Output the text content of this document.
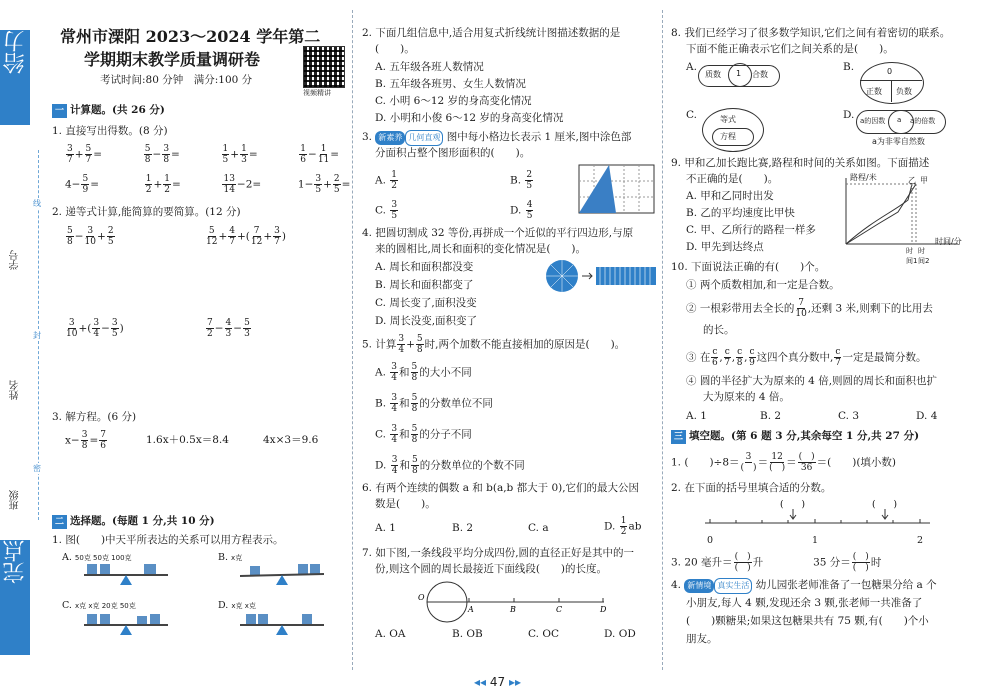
给力
完点
线
封
密
学号
姓名
班级
常州市溧阳 2023～2024 学年第二
学期期末教学质量调研卷
考试时间:80 分钟　满分:100 分
视频精讲
一 计算题。(共 26 分)
1. 直接写出得数。(8 分)
$\frac{3}{7} + \frac{5}{7}$ =	$\frac{5}{8} - \frac{3}{8}$ =	$\frac{1}{5} + \frac{1}{3}$ =	$\frac{1}{6} - \frac{1}{11}$ =
$4- \frac{5}{9}$ =	$\frac{1}{2} + \frac{1}{2}$ =	$\frac{13}{14} -2=$	$1- \frac{3}{5} + \frac{2}{5}$ =
2. 递等式计算,能简算的要简算。(12 分)
$\frac{5}{8} - \frac{3}{10} + \frac{2}{5}$	$\frac{5}{12} + \frac{4}{7}$ +( $\frac{7}{12} + \frac{3}{7}$ )
$\frac{3}{10}$ +( $\frac{3}{4} - \frac{3}{5}$ )	$\frac{7}{2} - \frac{4}{3} - \frac{5}{3}$
3. 解方程。(6 分)
$x- \frac{3}{8} = \frac{7}{6}$	1.6x＋0.5x＝8.4	4x×3＝9.6
二 选择题。(每题 1 分,共 10 分)
1. 图(　　)中天平所表达的关系可以用方程表示。
A. 50克 50克 100克	B. x克
C. x克 x克 20克 50克	D. x克 x克
2. 下面几组信息中,适合用复式折线统计图描述数据的是
(　　)。
A. 五年级各班人数情况
B. 五年级各班男、女生人数情况
C. 小明 6～12 岁的身高变化情况
D. 小明和小俊 6～12 岁的身高变化情况
3. 新素养 几何直观 图中每小格边长表示 1 厘米,图中涂色部
分面积占整个图形面积的(　　)。
A. $\frac{1}{2}$	B. $\frac{2}{5}$
C. $\frac{3}{5}$	D. $\frac{4}{5}$
4. 把圆切割成 32 等份,再拼成一个近似的平行四边形,与原
来的圆相比,周长和面积的变化情况是(　　)。
A. 周长和面积都没变
B. 周长和面积都变了
C. 周长变了,面积没变
D. 周长没变,面积变了
5. 计算 $\frac{3}{4} + \frac{5}{8}$ 时,两个加数不能直接相加的原因是(　　)。
A. $\frac{3}{4}$ 和 $\frac{5}{8}$ 的大小不同
B. $\frac{3}{4}$ 和 $\frac{5}{8}$ 的分数单位不同
C. $\frac{3}{4}$ 和 $\frac{5}{8}$ 的分子不同
D. $\frac{3}{4}$ 和 $\frac{5}{8}$ 的分数单位的个数不同
6. 有两个连续的偶数 a 和 b(a,b 都大于 0),它们的最大公因
数是(　　)。
A. 1	B. 2	C. a	D. $\frac{1}{2}$ ab
7. 如下图,一条线段平均分成四份,圆的直径正好是其中的一
份,则这个圆的周长最接近下面线段(　　)的长度。
O
A	B	C	D
A. OA	B. OB	C. OC	D. OD
◂◂ 47 ▸▸
8. 我们已经学习了很多数学知识,它们之间有着密切的联系。
下面不能正确表示它们之间关系的是(　　)。
A.
质数 1 合数
B.	0
正数 负数
C.	等式
方程
D. a的因数 a a的倍数
a为非零自然数
9. 甲和乙加长跑比赛,路程和时间的关系如图。下面描述
不正确的是(　　)。
A. 甲和乙同时出发
B. 乙的平均速度比甲快
C. 甲、乙所行的路程一样多
D. 甲先到达终点
路程/米	乙 甲
时间/分
时间1
时间2
10. 下面说法正确的有(　　)个。
① 两个质数相加,和一定是合数。
② 一根彩带用去全长的 $\frac{7}{10}$ ,还剩 3 米,则剩下的比用去
的长。
③ 在 $\frac{c}{6}$ , $\frac{c}{7}$ , $\frac{c}{8}$ , $\frac{c}{9}$ 这四个真分数中, $\frac{c}{7}$ 一定是最简分数。
④ 圆的半径扩大为原来的 4 倍,则圆的周长和面积也扩
大为原来的 4 倍。
A. 1	B. 2	C. 3	D. 4
三 填空题。(第 6 题 3 分,其余每空 1 分,共 27 分)
1. (　　)$\div 8= \frac{3}{( )} = \frac{12}{( )} = \frac{( )}{36}$ ＝(　　)(填小数)
2. 在下面的括号里填合适的分数。
(　　)	(　　)
0	1	2
3. 20 毫升＝ $\frac{( )}{( )}$ 升	35 分＝ $\frac{( )}{( )}$ 时
4. 新情境 真实生活 幼儿园张老师准备了一包糖果分给 a 个
小朋友,每人 4 颗,发现还余 3 颗,张老师一共准备了
(　　)颗糖果;如果这包糖果共有 75 颗,有(　　)个小
朋友。
